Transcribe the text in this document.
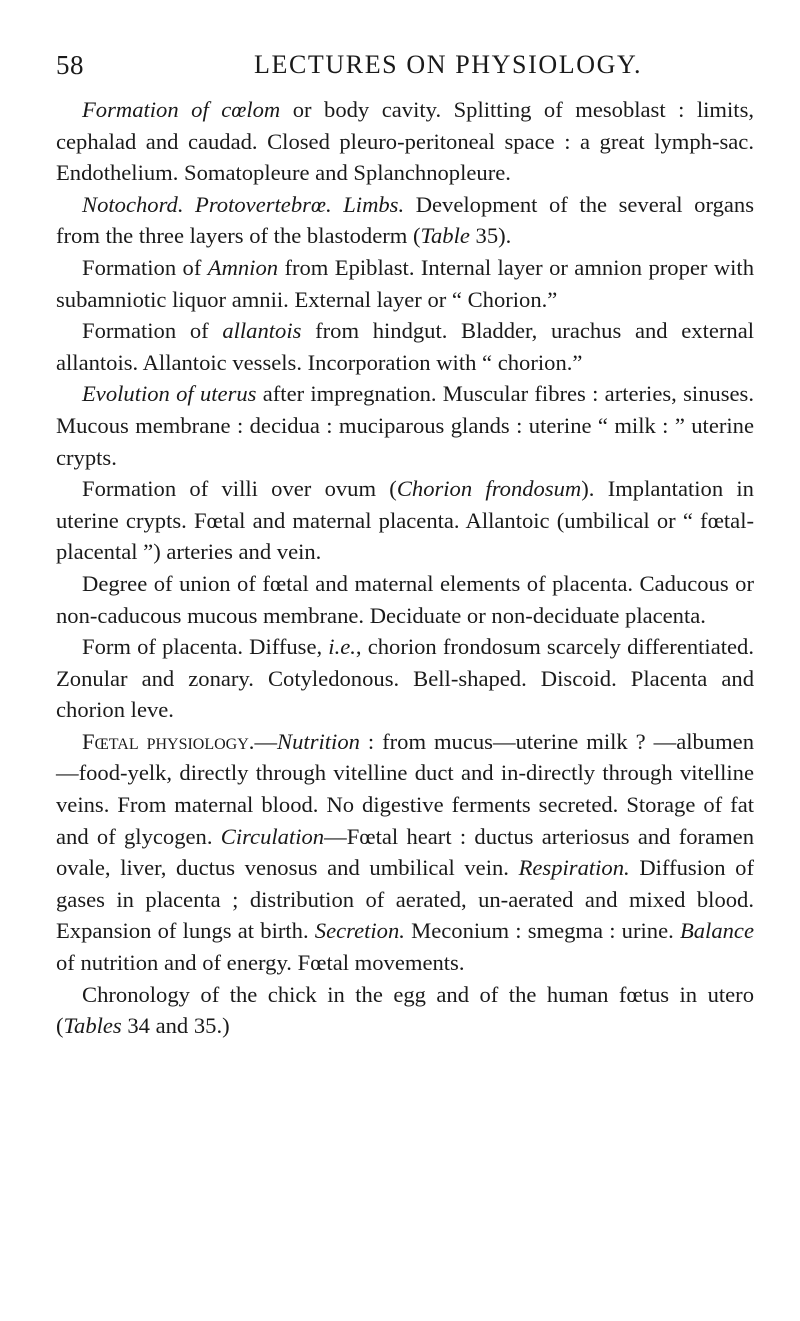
58	LECTURES ON PHYSIOLOGY.

Formation of cœlom or body cavity. Splitting of mesoblast : limits, cephalad and caudad. Closed pleuro-peritoneal space : a great lymph-sac. Endothelium. Somatopleure and Splanchnopleure.

Notochord. Protovertebrœ. Limbs. Development of the several organs from the three layers of the blastoderm (Table 35).

Formation of Amnion from Epiblast. Internal layer or amnion proper with subamniotic liquor amnii. External layer or “ Chorion.”

Formation of allantois from hindgut. Bladder, urachus and external allantois. Allantoic vessels. Incorporation with “ chorion.”

Evolution of uterus after impregnation. Muscular fibres : arteries, sinuses. Mucous membrane : decidua : muciparous glands : uterine “ milk : ” uterine crypts.

Formation of villi over ovum (Chorion frondosum). Implantation in uterine crypts. Fœtal and maternal placenta. Allantoic (umbilical or “ fœtal-placental ”) arteries and vein.

Degree of union of fœtal and maternal elements of placenta. Caducous or non-caducous mucous membrane. Deciduate or non-deciduate placenta.

Form of placenta. Diffuse, i.e., chorion frondosum scarcely differentiated. Zonular and zonary. Cotyledonous. Bell-shaped. Discoid. Placenta and chorion leve.

Fœtal physiology.—Nutrition : from mucus—uterine milk ? —albumen—food-yelk, directly through vitelline duct and in-directly through vitelline veins. From maternal blood. No digestive ferments secreted. Storage of fat and of glycogen. Circulation—Fœtal heart : ductus arteriosus and foramen ovale, liver, ductus venosus and umbilical vein. Respiration. Diffusion of gases in placenta ; distribution of aerated, un-aerated and mixed blood. Expansion of lungs at birth. Secretion. Meconium : smegma : urine. Balance of nutrition and of energy. Fœtal movements.

Chronology of the chick in the egg and of the human fœtus in utero (Tables 34 and 35.)
